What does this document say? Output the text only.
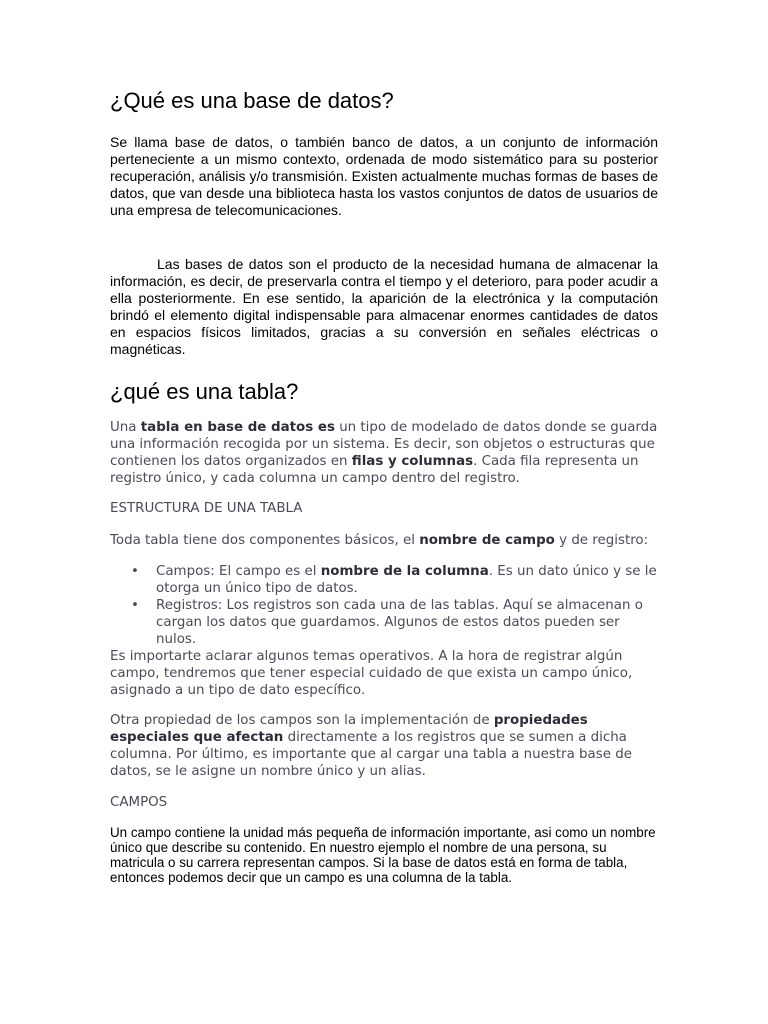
¿Qué es una base de datos?

Se llama base de datos, o también banco de datos, a un conjunto de información perteneciente a un mismo contexto, ordenada de modo sistemático para su posterior recuperación, análisis y/o transmisión. Existen actualmente muchas formas de bases de datos, que van desde una biblioteca hasta los vastos conjuntos de datos de usuarios de una empresa de telecomunicaciones.

Las bases de datos son el producto de la necesidad humana de almacenar la información, es decir, de preservarla contra el tiempo y el deterioro, para poder acudir a ella posteriormente. En ese sentido, la aparición de la electrónica y la computación brindó el elemento digital indispensable para almacenar enormes cantidades de datos en espacios físicos limitados, gracias a su conversión en señales eléctricas o magnéticas.

¿qué es una tabla?

Una tabla en base de datos es un tipo de modelado de datos donde se guarda una información recogida por un sistema. Es decir, son objetos o estructuras que contienen los datos organizados en filas y columnas. Cada fila representa un registro único, y cada columna un campo dentro del registro.

ESTRUCTURA DE UNA TABLA

Toda tabla tiene dos componentes básicos, el nombre de campo y de registro:

• Campos: El campo es el nombre de la columna. Es un dato único y se le otorga un único tipo de datos.
• Registros: Los registros son cada una de las tablas. Aquí se almacenan o cargan los datos que guardamos. Algunos de estos datos pueden ser nulos.

Es importarte aclarar algunos temas operativos. A la hora de registrar algún campo, tendremos que tener especial cuidado de que exista un campo único, asignado a un tipo de dato específico.

Otra propiedad de los campos son la implementación de propiedades especiales que afectan directamente a los registros que se sumen a dicha columna. Por último, es importante que al cargar una tabla a nuestra base de datos, se le asigne un nombre único y un alias.

CAMPOS

Un campo contiene la unidad más pequeña de información importante, asi como un nombre único que describe su contenido. En nuestro ejemplo el nombre de una persona, su matricula o su carrera representan campos. Si la base de datos está en forma de tabla, entonces podemos decir que un campo es una columna de la tabla.
